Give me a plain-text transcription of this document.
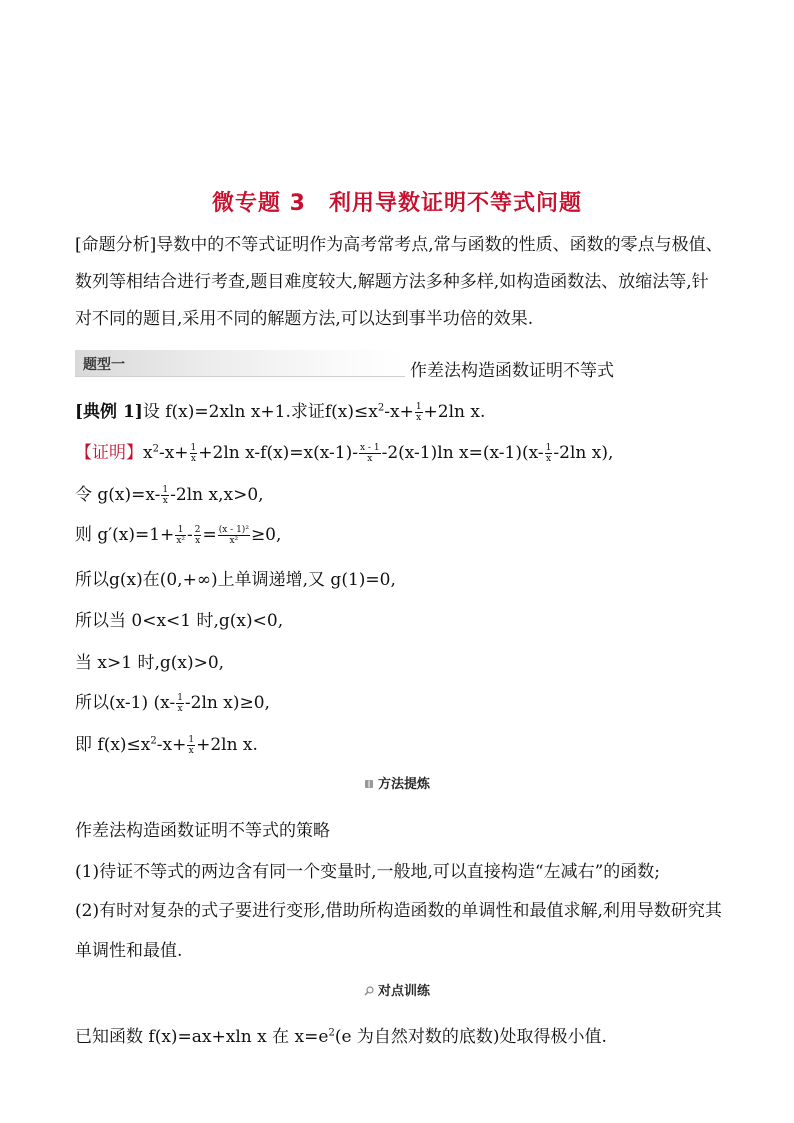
微专题 3　利用导数证明不等式问题
[命题分析]导数中的不等式证明作为高考常考点,常与函数的性质、函数的零点与极值、数列等相结合进行考查,题目难度较大,解题方法多种多样,如构造函数法、放缩法等,针对不同的题目,采用不同的解题方法,可以达到事半功倍的效果.
题型一	作差法构造函数证明不等式
[典例 1]设 f(x)=2xln x+1.求证$f(x)\le x^2-x+ \frac{1}{x} +2\ln$ x.
【证明】$x^2-x+ \frac{1}{x} +2\ln$ $x-f(x)=x(x-1)- \frac{x - 1}{x} -2(x-1)\ln$ $x=(x-1)(x- \frac{1}{x} -2\ln$ x),
令 $g(x)=x- \frac{1}{x} -2\ln$ x,x>0,
则 $g'(x)=1+ \frac{1}{\text{x²}} - \frac{2}{x} = \frac{\text{(x - 1)²}}{\text{x²}} \ge 0$,
所以g(x)在(0,+∞)上单调递增,又 g(1)=0,
所以当 0<x<1 时,g(x)<0,
当 x>1 时,g(x)>0,
所以(x-1) ($x- \frac{1}{x} -2\ln$ x)≥0,
即 $f(x)\le x^2-x+ \frac{1}{x} +2\ln$ x.
方法提炼
作差法构造函数证明不等式的策略
(1)待证不等式的两边含有同一个变量时,一般地,可以直接构造“左减右”的函数;
(2)有时对复杂的式子要进行变形,借助所构造函数的单调性和最值求解,利用导数研究其单调性和最值.
对点训练
已知函数 f(x)=ax+xln x 在 $x=e^2(e$ 为自然对数的底数)处取得极小值.
